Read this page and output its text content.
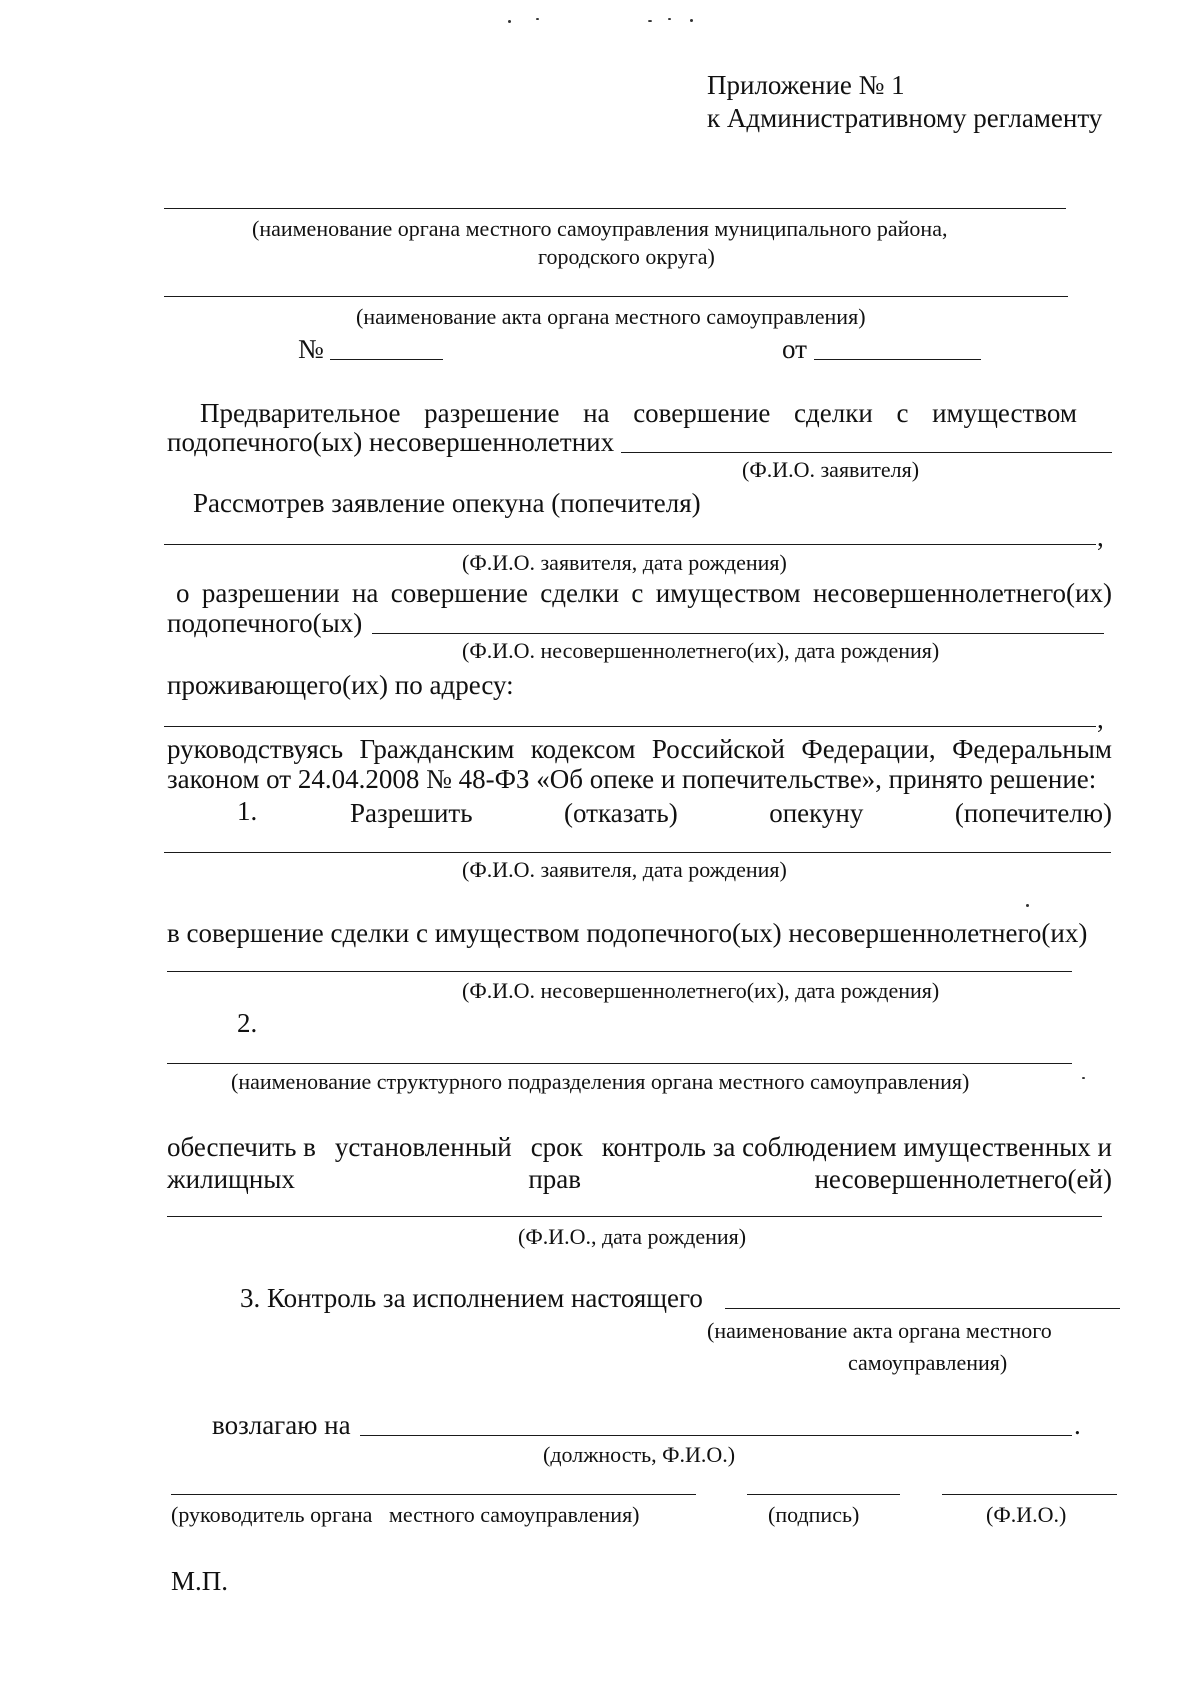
Приложение № 1
к Административному регламенту
(наименование органа местного самоуправления муниципального района,
городского округа)
(наименование акта органа местного самоуправления)
№	от
Предварительное разрешение на совершение сделки с имуществом
подопечного(ых) несовершеннолетних
(Ф.И.О. заявителя)
Рассмотрев заявление опекуна (попечителя)
,
(Ф.И.О. заявителя, дата рождения)
о разрешении на совершение сделки с имуществом несовершеннолетнего(их)
подопечного(ых)
(Ф.И.О. несовершеннолетнего(их), дата рождения)
проживающего(их) по адресу:
,
руководствуясь Гражданским кодексом Российской Федерации, Федеральным
законом от 24.04.2008 № 48-ФЗ «Об опеке и попечительстве», принято решение:
1.	Разрешить	(отказать)	опекуну	(попечителю)
(Ф.И.О. заявителя, дата рождения)
в совершение сделки с имуществом подопечного(ых) несовершеннолетнего(их)
(Ф.И.О. несовершеннолетнего(их), дата рождения)
2.
(наименование структурного подразделения органа местного самоуправления)
обеспечить в установленный срок контроль за соблюдением имущественных и
жилищных	прав	несовершеннолетнего(ей)
(Ф.И.О., дата рождения)
3. Контроль за исполнением настоящего
(наименование акта органа местного
самоуправления)
возлагаю на	.
(должность, Ф.И.О.)
(руководитель органа   местного самоуправления)	(подпись)	(Ф.И.О.)
М.П.
